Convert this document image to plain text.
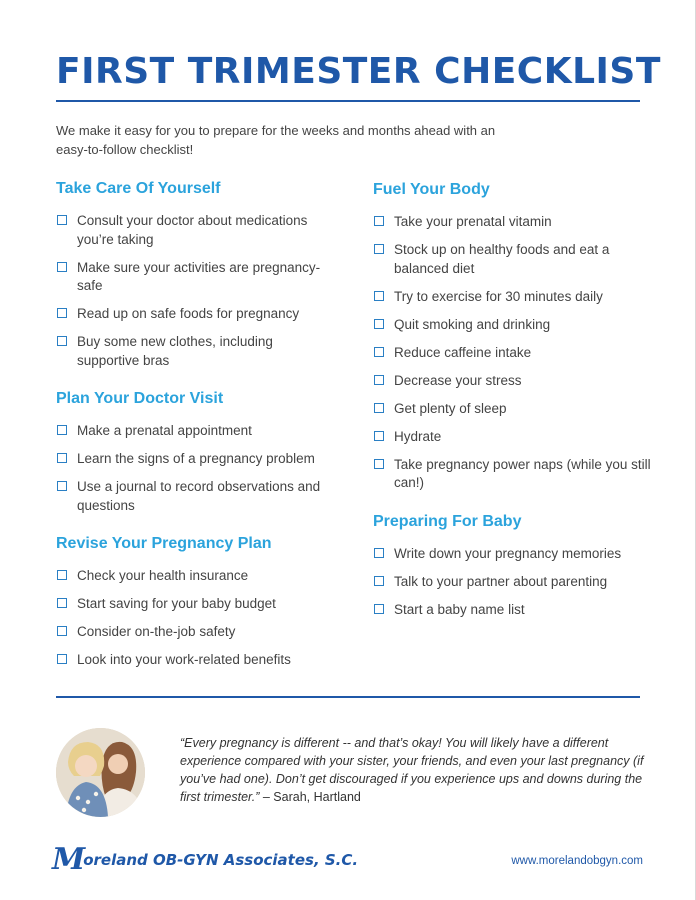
FIRST TRIMESTER CHECKLIST

We make it easy for you to prepare for the weeks and months ahead with an easy-to-follow checklist!

Take Care Of Yourself
Consult your doctor about medications you’re taking
Make sure your activities are pregnancy-safe
Read up on safe foods for pregnancy
Buy some new clothes, including supportive bras
Plan Your Doctor Visit
Make a prenatal appointment
Learn the signs of a pregnancy problem
Use a journal to record observations and questions
Revise Your Pregnancy Plan
Check your health insurance
Start saving for your baby budget
Consider on-the-job safety
Look into your work-related benefits
Fuel Your Body
Take your prenatal vitamin
Stock up on healthy foods and eat a balanced diet
Try to exercise for 30 minutes daily
Quit smoking and drinking
Reduce caffeine intake
Decrease your stress
Get plenty of sleep
Hydrate
Take pregnancy power naps (while you still can!)
Preparing For Baby
Write down your pregnancy memories
Talk to your partner about parenting
Start a baby name list

“Every pregnancy is different -- and that’s okay! You will likely have a different experience compared with your sister, your friends, and even your last pregnancy (if you’ve had one). Don’t get discouraged if you experience ups and downs during the first trimester.” – Sarah, Hartland

M
oreland OB-GYN Associates, S.C.	www.morelandobgyn.com
